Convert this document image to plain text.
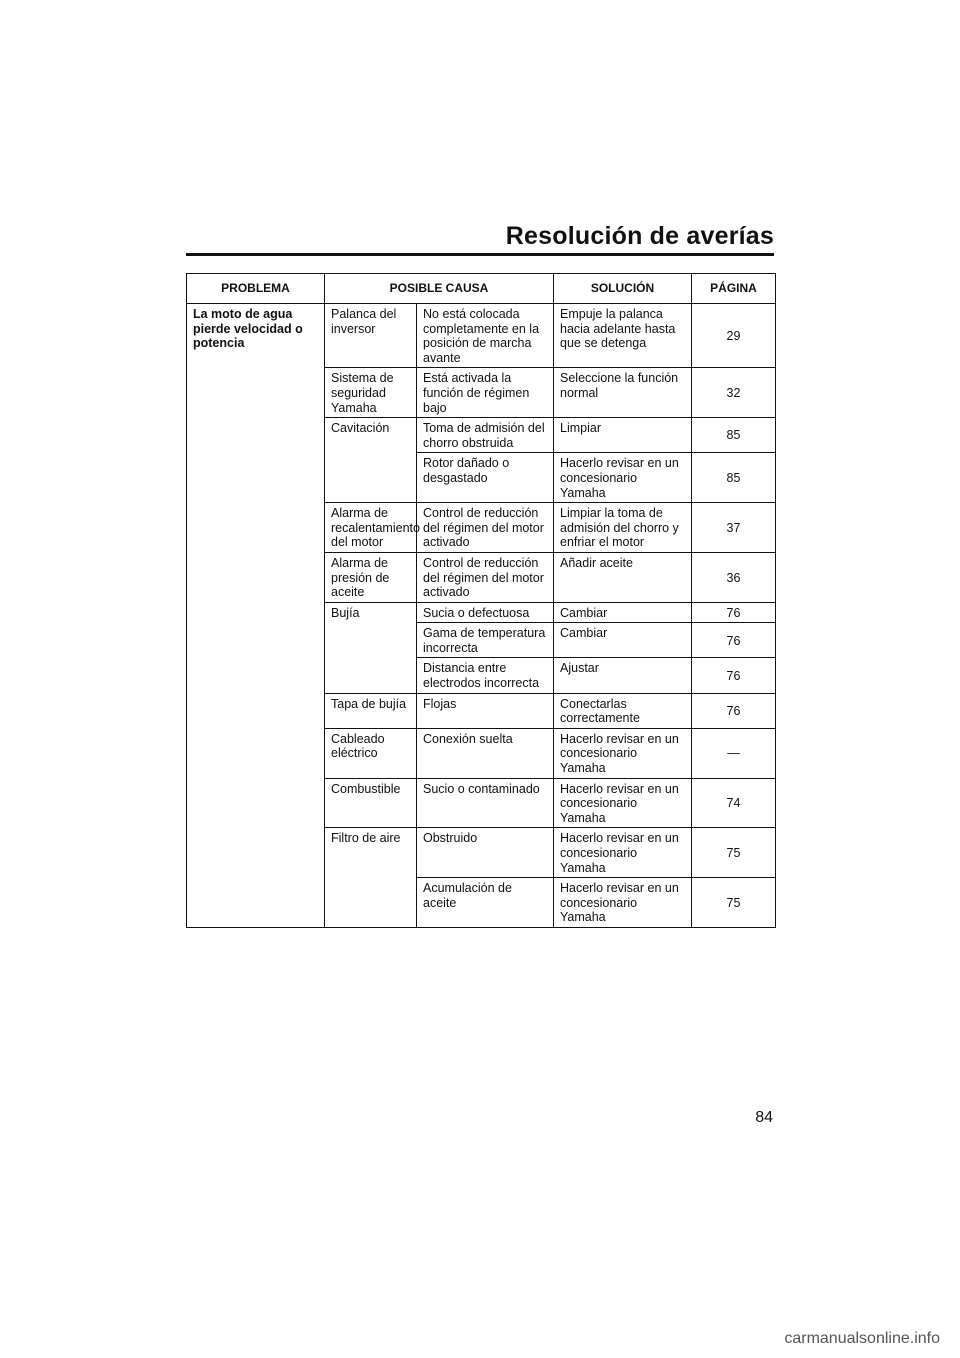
Resolución de averías
PROBLEMA	POSIBLE CAUSA		SOLUCIÓN	PÁGINA
La moto de agua pierde velocidad o potencia	Palanca del inversor	No está colocada completamente en la posición de marcha avante	Empuje la palanca hacia adelante hasta que se detenga	29
	Sistema de seguridad Yamaha	Está activada la función de régimen bajo	Seleccione la función normal	32
	Cavitación	Toma de admisión del chorro obstruida	Limpiar	85
		Rotor dañado o desgastado	Hacerlo revisar en un concesionario Yamaha	85
	Alarma de recalentamiento del motor	Control de reducción del régimen del motor activado	Limpiar la toma de admisión del chorro y enfriar el motor	37
	Alarma de presión de aceite	Control de reducción del régimen del motor activado	Añadir aceite	36
	Bujía	Sucia o defectuosa	Cambiar	76
		Gama de temperatura incorrecta	Cambiar	76
		Distancia entre electrodos incorrecta	Ajustar	76
	Tapa de bujía	Flojas	Conectarlas correctamente	76
	Cableado eléctrico	Conexión suelta	Hacerlo revisar en un concesionario Yamaha	—
	Combustible	Sucio o contaminado	Hacerlo revisar en un concesionario Yamaha	74
	Filtro de aire	Obstruido	Hacerlo revisar en un concesionario Yamaha	75
		Acumulación de aceite	Hacerlo revisar en un concesionario Yamaha	75
84
carmanualsonline.info
